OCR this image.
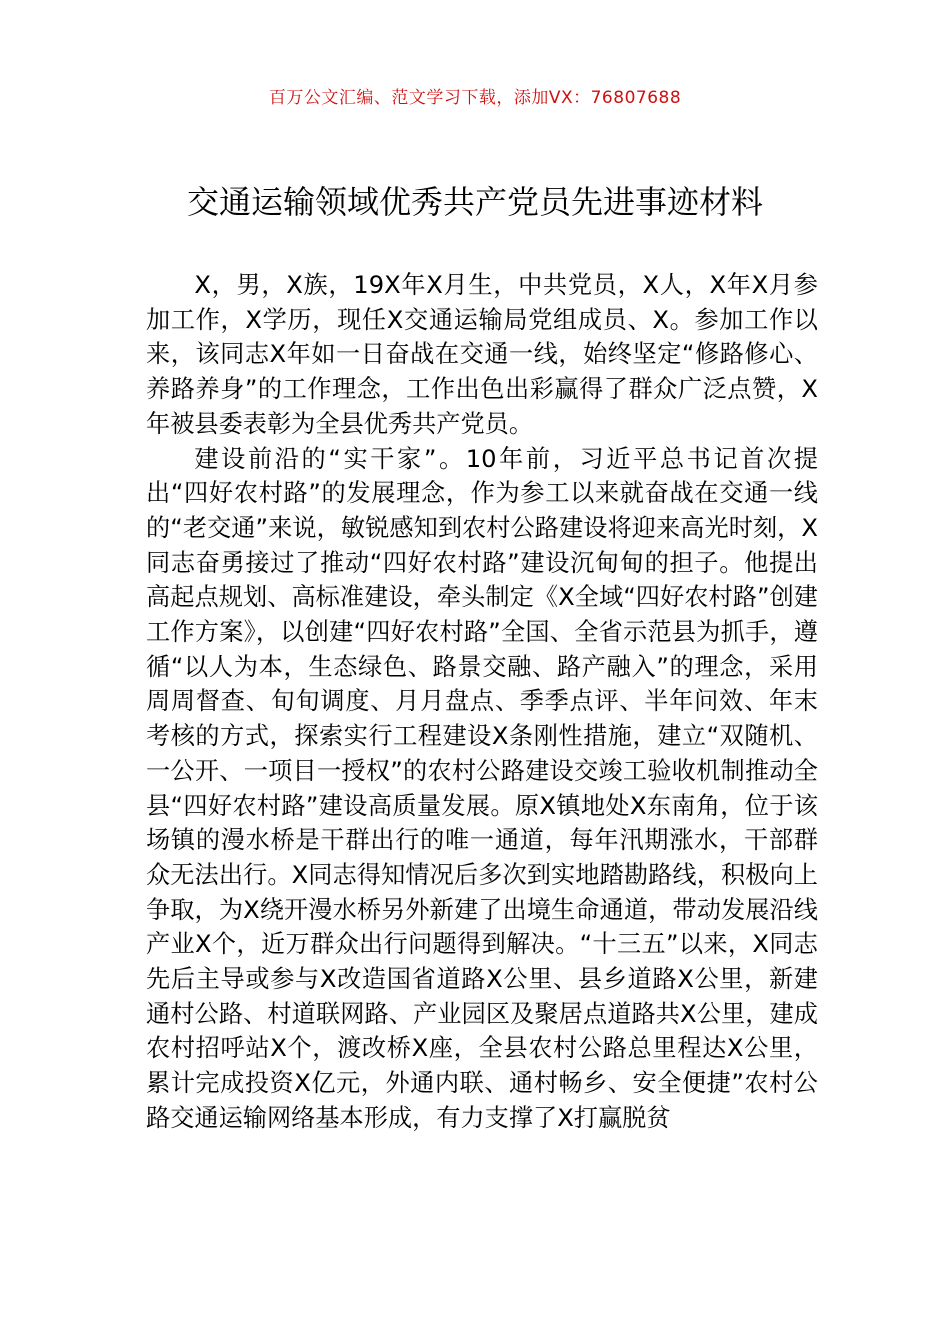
百万公文汇编、范文学习下载，添加VX：76807688
交通运输领域优秀共产党员先进事迹材料

X，男，X族，19X年X月生，中共党员，X人，X年X月参加工作，X学历，现任X交通运输局党组成员、X。参加工作以来，该同志X年如一日奋战在交通一线，始终坚定“修路修心、养路养身”的工作理念，工作出色出彩赢得了群众广泛点赞，X年被县委表彰为全县优秀共产党员。

建设前沿的“实干家”。10年前，习近平总书记首次提出“四好农村路”的发展理念，作为参工以来就奋战在交通一线的“老交通”来说，敏锐感知到农村公路建设将迎来高光时刻，X同志奋勇接过了推动“四好农村路”建设沉甸甸的担子。他提出高起点规划、高标准建设，牵头制定《X全域“四好农村路”创建工作方案》，以创建“四好农村路”全国、全省示范县为抓手，遵循“以人为本，生态绿色、路景交融、路产融入”的理念，采用周周督查、旬旬调度、月月盘点、季季点评、半年问效、年末考核的方式，探索实行工程建设X条刚性措施，建立“双随机、一公开、一项目一授权”的农村公路建设交竣工验收机制推动全县“四好农村路”建设高质量发展。原X镇地处X东南角，位于该场镇的漫水桥是干群出行的唯一通道，每年汛期涨水，干部群众无法出行。X同志得知情况后多次到实地踏勘路线，积极向上争取，为X绕开漫水桥另外新建了出境生命通道，带动发展沿线产业X个，近万群众出行问题得到解决。“十三五”以来，X同志先后主导或参与X改造国省道路X公里、县乡道路X公里，新建通村公路、村道联网路、产业园区及聚居点道路共X公里，建成农村招呼站X个，渡改桥X座，全县农村公路总里程达X公里，累计完成投资X亿元，外通内联、通村畅乡、安全便捷”农村公路交通运输网络基本形成，有力支撑了X打赢脱贫
